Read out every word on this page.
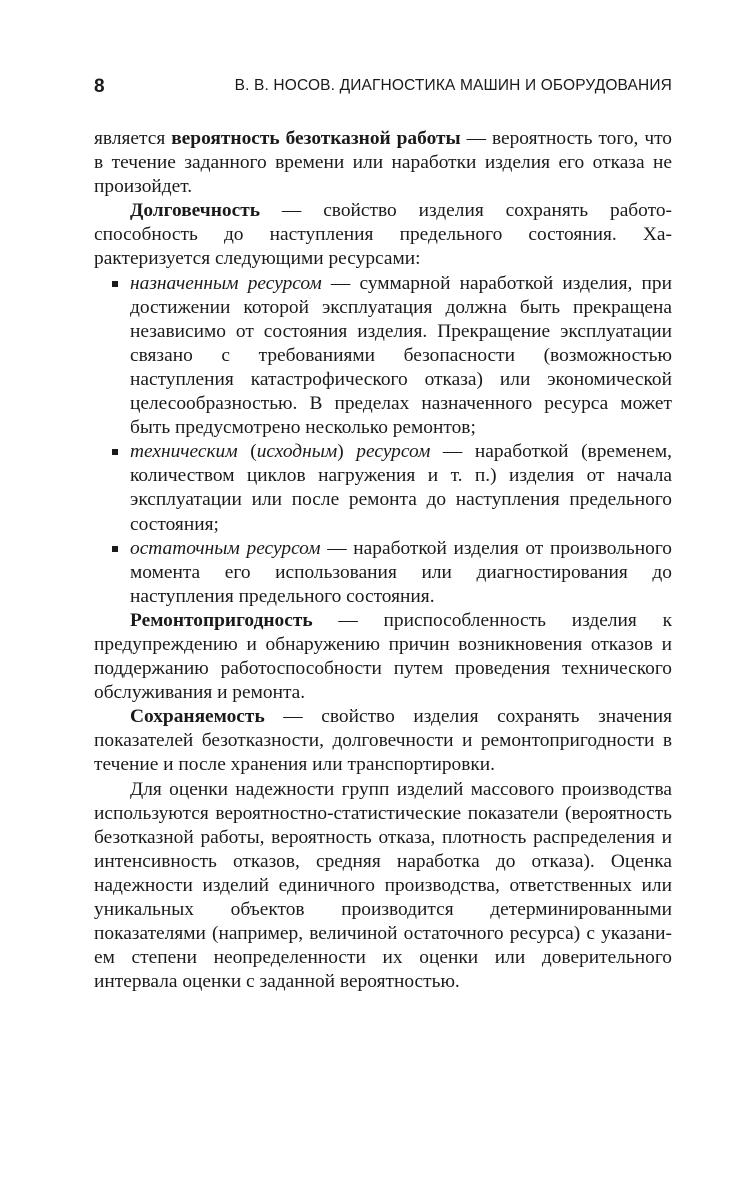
8	В. В. НОСОВ. ДИАГНОСТИКА МАШИН И ОБОРУДОВАНИЯ

является вероятность безотказной работы — вероятность того, что в течение заданного времени или наработки изделия его отказа не произойдет.

Долговечность — свойство изделия сохранять работоспособность до наступления предельного состояния. Характеризуется следующими ресурсами:

назначенным ресурсом — суммарной наработкой изделия, при достижении которой эксплуатация должна быть прекращена независимо от состояния изделия. Прекращение эксплуатации связано с требованиями безопасности (возможностью наступления катастрофического отказа) или экономической целесообразностью. В пределах назначенного ресурса может быть предусмотрено несколько ремонтов;
техническим (исходным) ресурсом — наработкой (временем, количеством циклов нагружения и т. п.) изделия от начала эксплуатации или после ремонта до наступления предельного состояния;
остаточным ресурсом — наработкой изделия от произвольного момента его использования или диагностирования до наступления предельного состояния.

Ремонтопригодность — приспособленность изделия к предупреждению и обнаружению причин возникновения отказов и поддержанию работоспособности путем проведения технического обслуживания и ремонта.

Сохраняемость — свойство изделия сохранять значения показателей безотказности, долговечности и ремонтопригодности в течение и после хранения или транспортировки.

Для оценки надежности групп изделий массового производства используются вероятностно-статистические показатели (вероятность безотказной работы, вероятность отказа, плотность распределения и интенсивность отказов, средняя наработка до отказа). Оценка надежности изделий единичного производства, ответственных или уникальных объектов производится детерминированными показателями (например, величиной остаточного ресурса) с указанием степени неопределенности их оценки или доверительного интервала оценки с заданной вероятностью.
